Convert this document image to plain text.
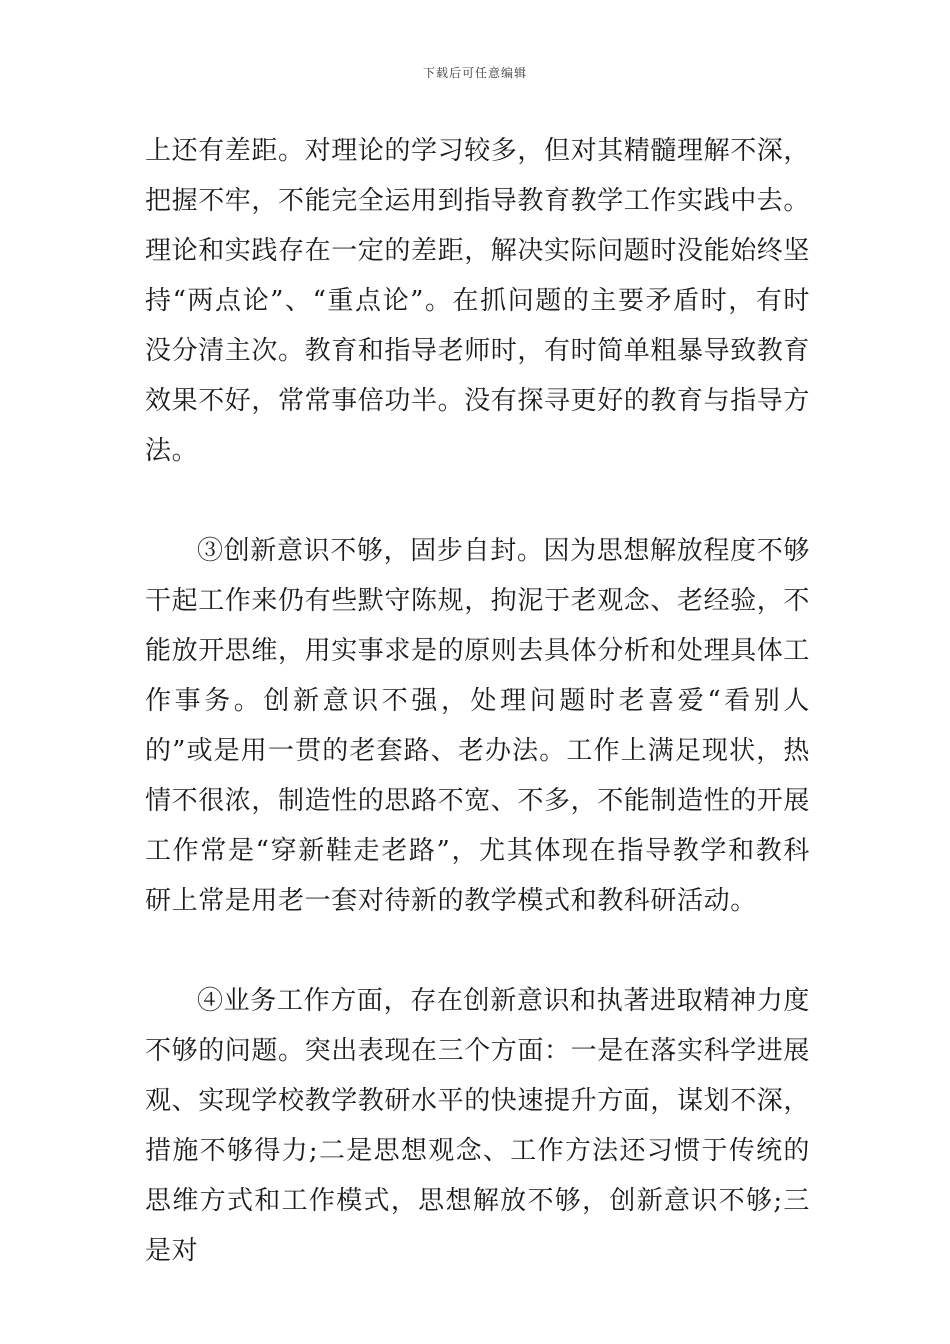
下载后可任意编辑

上还有差距。对理论的学习较多，但对其精髓理解不深，把握不牢，不能完全运用到指导教育教学工作实践中去。理论和实践存在一定的差距，解决实际问题时没能始终坚持“两点论”、“重点论”。在抓问题的主要矛盾时，有时没分清主次。教育和指导老师时，有时简单粗暴导致教育效果不好，常常事倍功半。没有探寻更好的教育与指导方法。

③创新意识不够，固步自封。因为思想解放程度不够干起工作来仍有些默守陈规，拘泥于老观念、老经验，不能放开思维，用实事求是的原则去具体分析和处理具体工作事务。创新意识不强，处理问题时老喜爱“看别人的”或是用一贯的老套路、老办法。工作上满足现状，热情不很浓，制造性的思路不宽、不多，不能制造性的开展工作常是“穿新鞋走老路”，尤其体现在指导教学和教科研上常是用老一套对待新的教学模式和教科研活动。

④业务工作方面，存在创新意识和执著进取精神力度不够的问题。突出表现在三个方面：一是在落实科学进展观、实现学校教学教研水平的快速提升方面，谋划不深，措施不够得力;二是思想观念、工作方法还习惯于传统的思维方式和工作模式，思想解放不够，创新意识不够;三是对
